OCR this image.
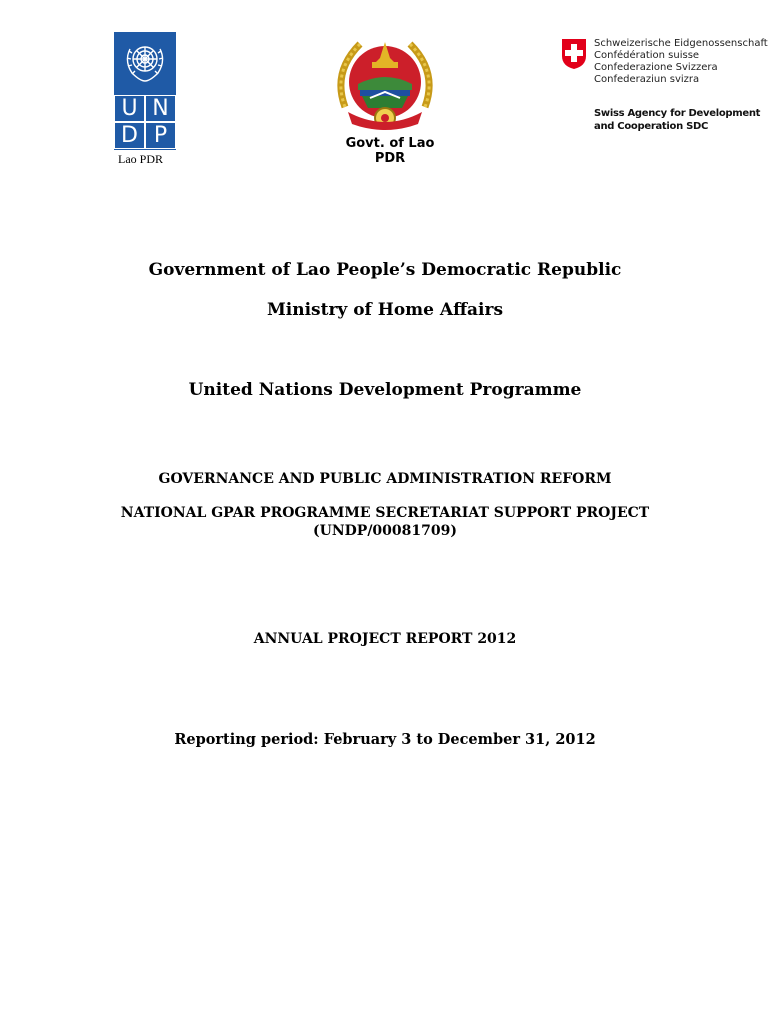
U N
D P
Lao PDR
Govt. of Lao
PDR
Schweizerische Eidgenossenschaft
Confédération suisse
Confederazione Svizzera
Confederaziun svizra
Swiss Agency for Development
and Cooperation SDC
Government of Lao People’s Democratic Republic
Ministry of Home Affairs
United Nations Development Programme
GOVERNANCE AND PUBLIC ADMINISTRATION REFORM
NATIONAL GPAR PROGRAMME SECRETARIAT SUPPORT PROJECT
(UNDP/00081709)
ANNUAL PROJECT REPORT 2012
Reporting period: February 3 to December 31, 2012
